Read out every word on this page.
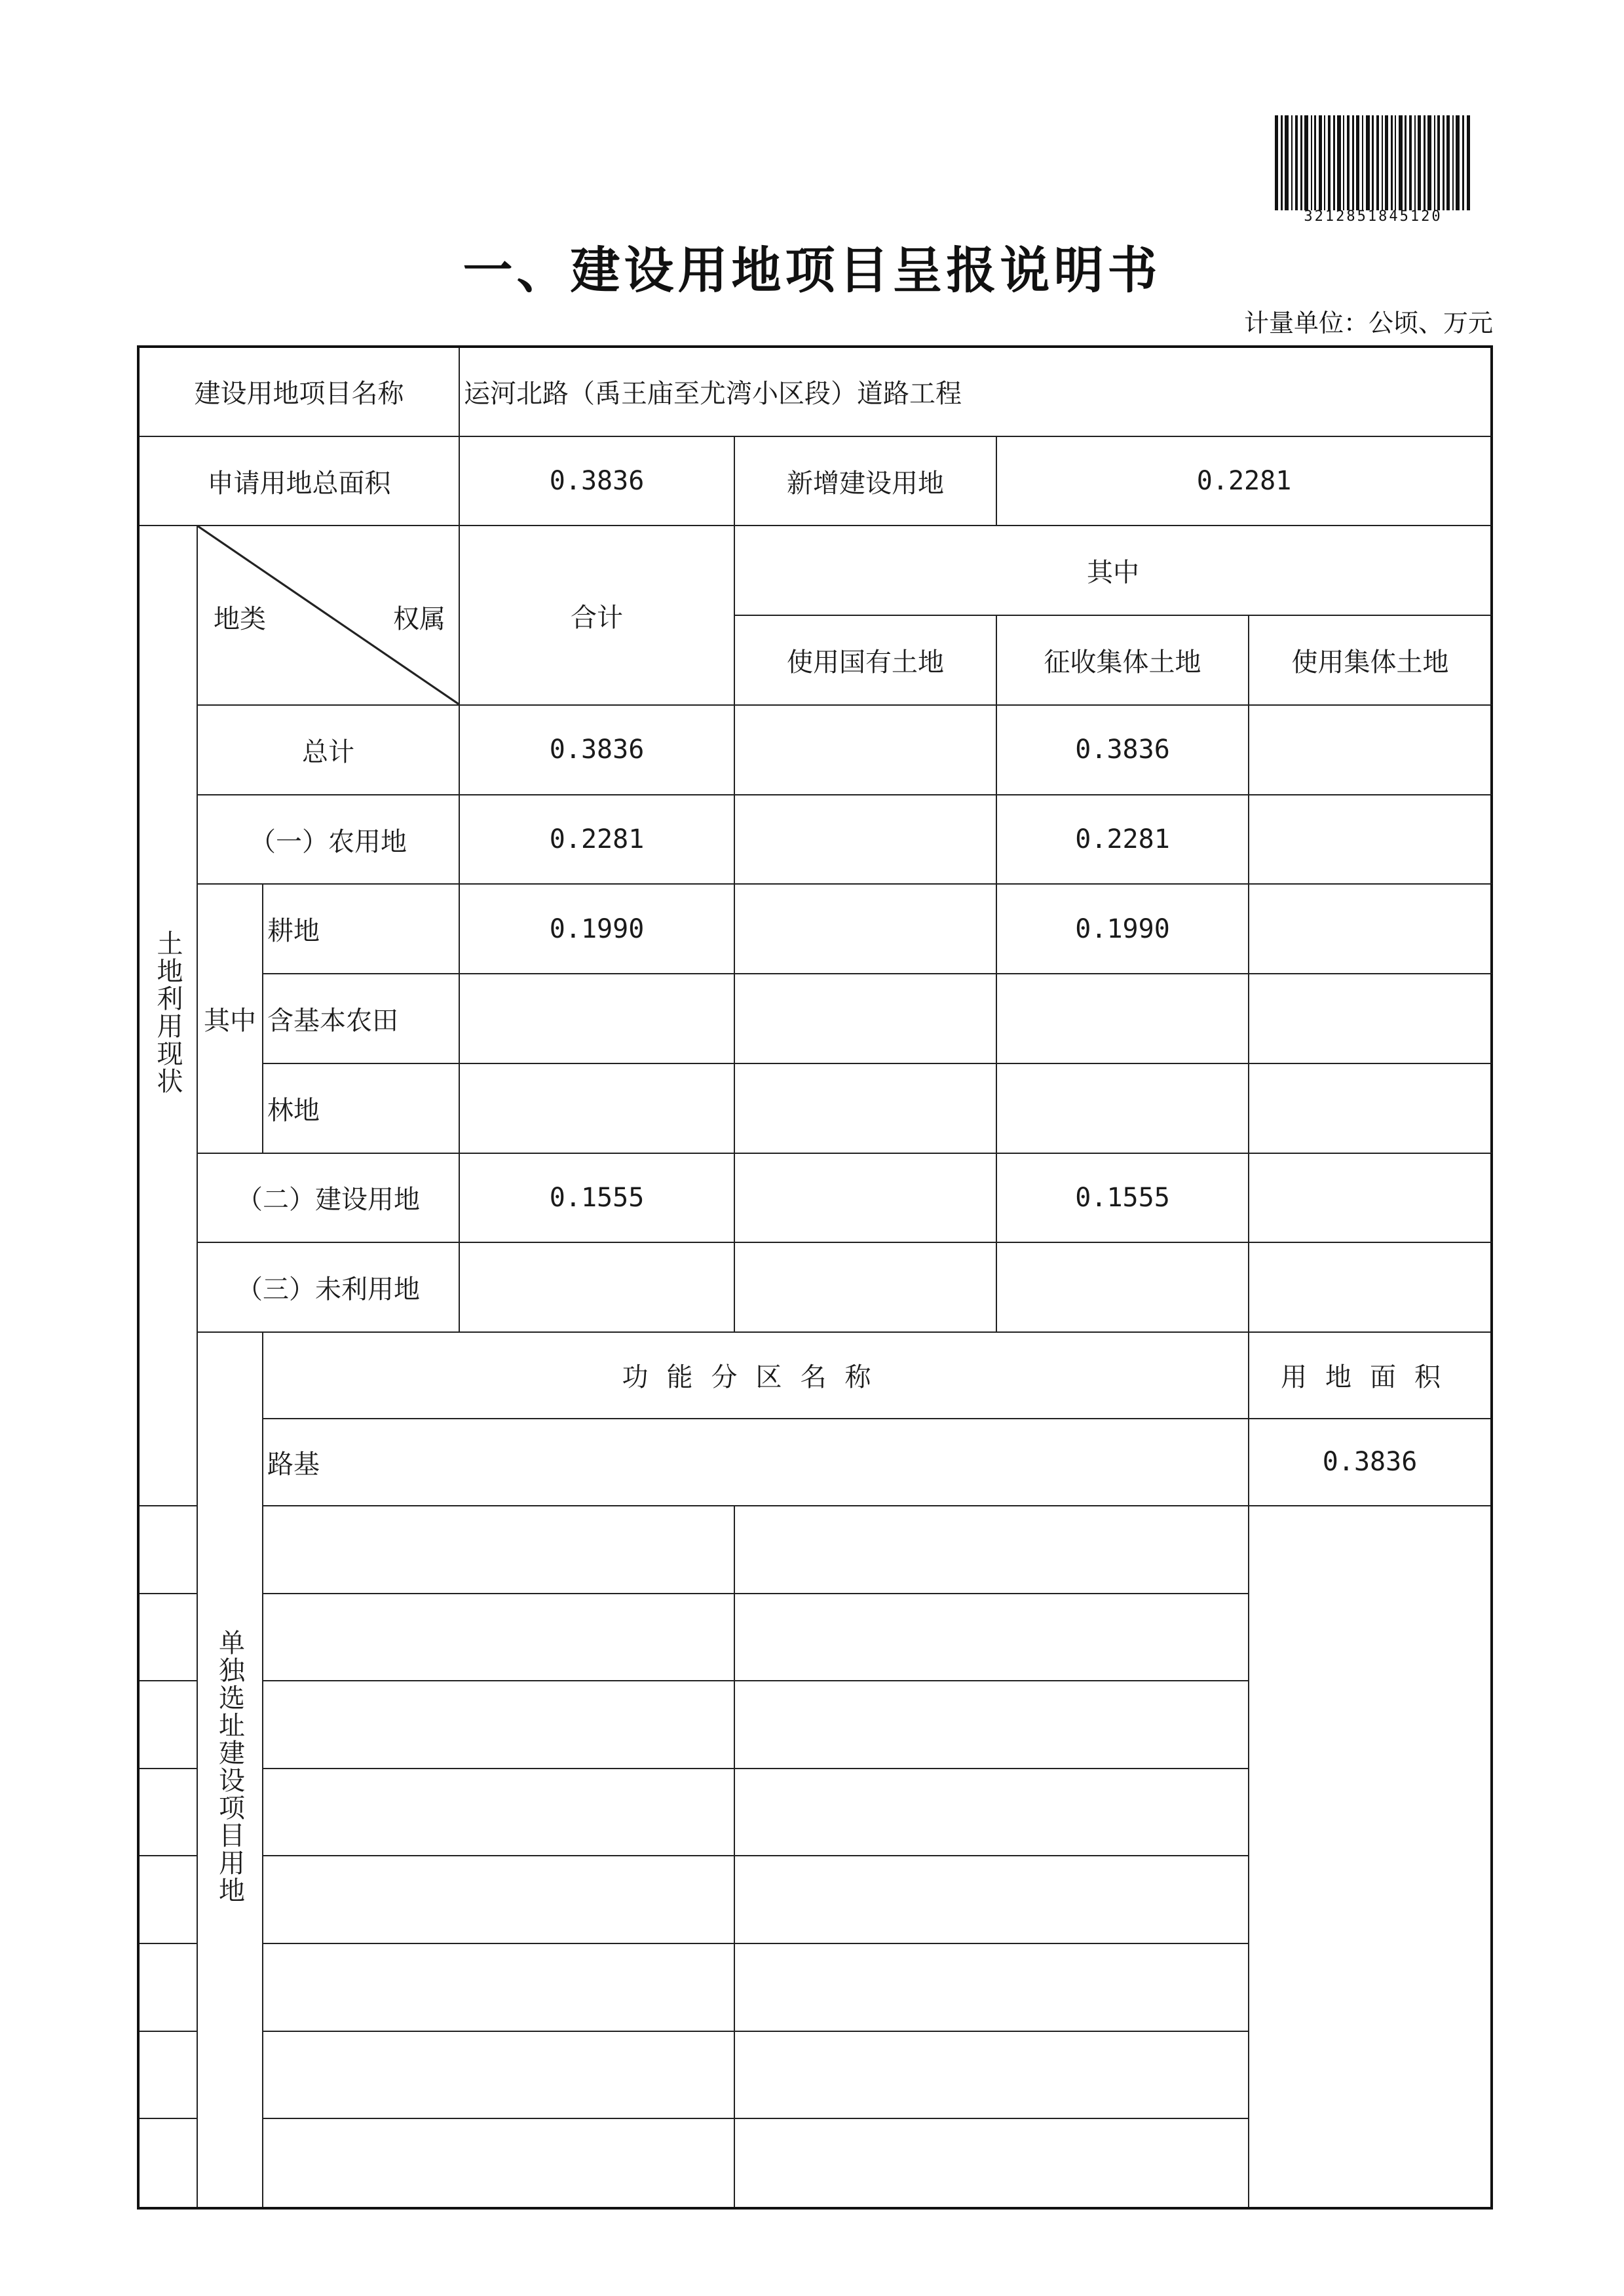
3212851845120
一、建设用地项目呈报说明书
计量单位：公顷、万元
建设用地项目名称			运河北路（禹王庙至尤湾小区段）道路工程			
申请用地总面积			0.3836	新增建设用地	0.2281	
土地利用现状	地类 权属		合计	其中		
				使用国有土地	征收集体土地	使用集体土地
	总计		0.3836		0.3836	
	（一）农用地		0.2281		0.2281	
	其中	耕地	0.1990		0.1990	
		含基本农田				
		林地				
	（二）建设用地		0.1555		0.1555	
	（三）未利用地					
	单独选址建设项目用地	功能分区名称				用地面积
		路基				0.3836
